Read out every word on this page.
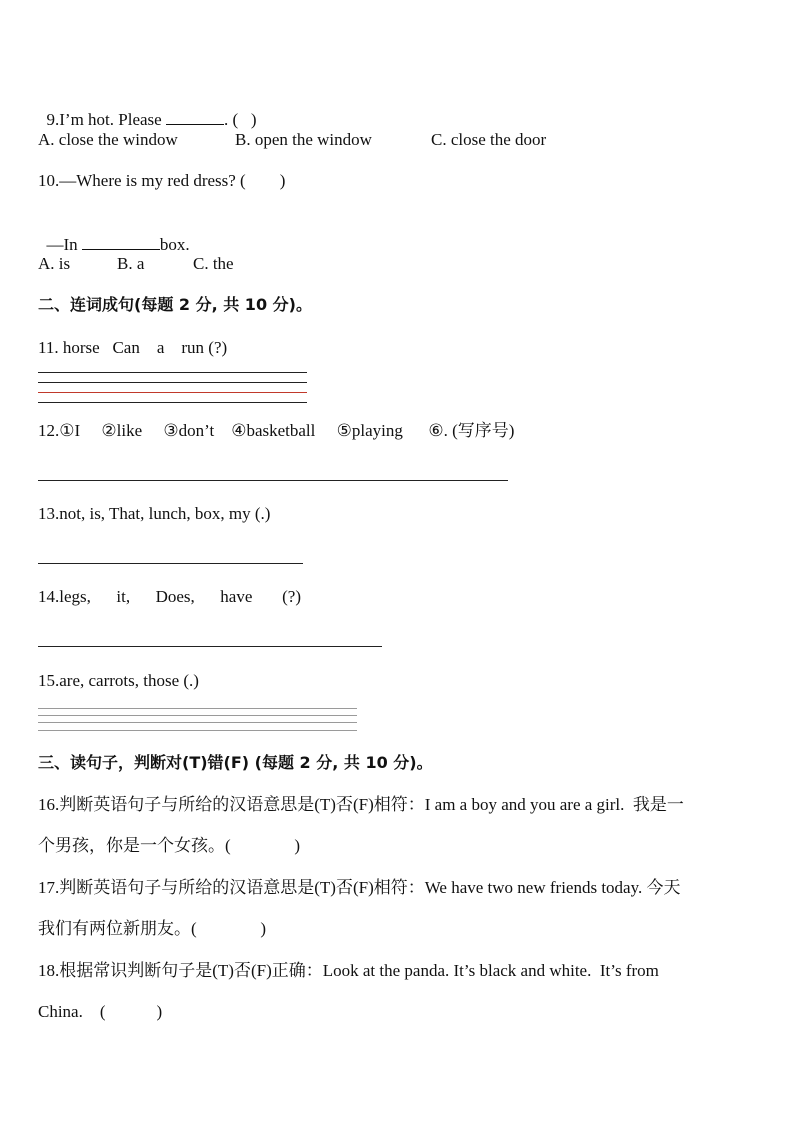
9.I’m hot. Please	. (   )

A. close the window	B. open the window	C. close the door
10.—Where is my red dress? (        )

—In	box.

A. is	B. a	C. the
二、连词成句(每题 2 分, 共 10 分)。
11. horse   Can    a    run (?)
12.①I     ②like     ③don’t    ④basketball     ⑤playing      ⑥. (写序号)
13.not, is, That, lunch, box, my (.)
14.legs,      it,      Does,      have       (?)
15.are, carrots, those (.)
三、读句子，判断对(T)错(F) (每题 2 分, 共 10 分)。
16.判断英语句子与所给的汉语意思是(T)否(F)相符：I am a boy and you are a girl.  我是一
个男孩，你是一个女孩。(               )
17.判断英语句子与所给的汉语意思是(T)否(F)相符：We have two new friends today. 今天
我们有两位新朋友。(               )
18.根据常识判断句子是(T)否(F)正确：Look at the panda. It’s black and white.  It’s from
China.    (            )
